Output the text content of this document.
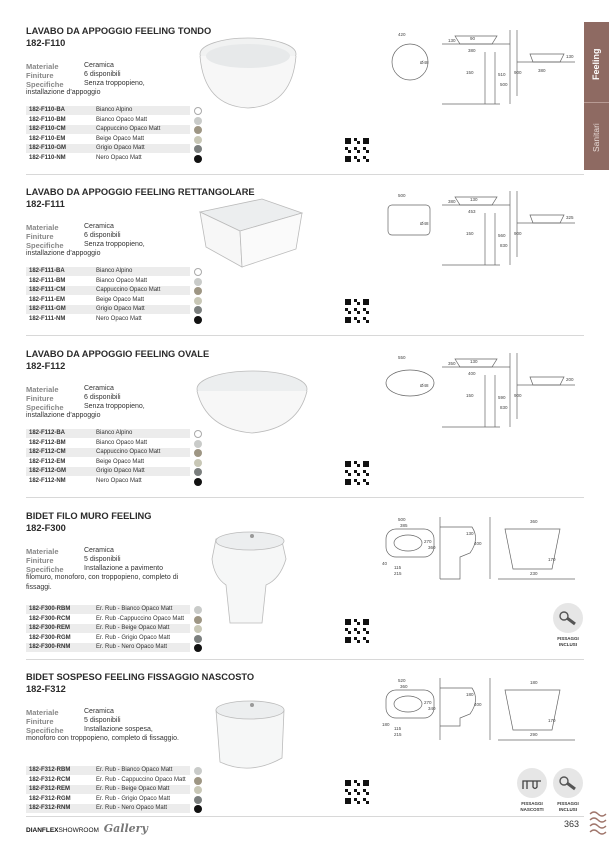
Feeling
Sanitari
LAVABO DA APPOGGIO FEELING TONDO
182-F110
Materiale	Ceramica
Finiture	6 disponibili
Specifiche	Senza troppopieno,
installazione d'appoggio
182-F110-BA	Bianco Alpino
182-F110-BM	Bianco Opaco Matt
182-F110-CM	Cappuccino Opaco Matt
182-F110-EM	Beige Opaco Matt
182-F110-GM	Grigio Opaco Matt
182-F110-NM	Nero Opaco Matt
420
Ø48
130	90
380
150	510
500
900
130
380
LAVABO DA APPOGGIO FEELING RETTANGOLARE
182-F111
Materiale	Ceramica
Finiture	6 disponibili
Specifiche	Senza troppopieno,
installazione d'appoggio
182-F111-BA	Bianco Alpino
182-F111-BM	Bianco Opaco Matt
182-F111-CM	Cappuccino Opaco Matt
182-F111-EM	Beige Opaco Matt
182-F111-GM	Grigio Opaco Matt
182-F111-NM	Nero Opaco Matt
500
Ø48
380	130
453
150	560
830
900
325
LAVABO DA APPOGGIO FEELING OVALE
182-F112
Materiale	Ceramica
Finiture	6 disponibili
Specifiche	Senza troppopieno,
installazione d'appoggio
182-F112-BA	Bianco Alpino
182-F112-BM	Bianco Opaco Matt
182-F112-CM	Cappuccino Opaco Matt
182-F112-EM	Beige Opaco Matt
182-F112-GM	Grigio Opaco Matt
182-F112-NM	Nero Opaco Matt
550
Ø48
350	130
400
150	590
830
900
200
BIDET FILO MURO FEELING
182-F300
Materiale	Ceramica
Finiture	5 disponibili
Specifiche	Installazione a pavimento
filomuro, monoforo, con troppopieno, completo di fissaggi.
182-F300-RBM	Er. Rub - Bianco Opaco Matt
182-F300-RCM	Er. Rub -Cappuccino Opaco Matt
182-F300-REM	Er. Rub - Beige Opaco Matt
182-F300-RGM	Er. Rub - Grigio Opaco Matt
182-F300-RNM	Er. Rub - Nero Opaco Matt
500
385
270
360
40
115
215
130
400
360
170
230
FISSAGGI INCLUSI
BIDET SOSPESO FEELING FISSAGGIO NASCOSTO
182-F312
Materiale	Ceramica
Finiture	5 disponibili
Specifiche	Installazione sospesa,
monoforo con troppopieno, completo di fissaggio.
182-F312-RBM	Er. Rub - Bianco Opaco Matt
182-F312-RCM	Er. Rub - Cappuccino Opaco Matt
182-F312-REM	Er. Rub - Beige Opaco Matt
182-F312-RGM	Er. Rub - Grigio Opaco Matt
182-F312-RNM	Er. Rub - Nero Opaco Matt
520
360
270
340
180
115
215
180
400
180
170
290
FISSAGGI NASCOSTI
FISSAGGI INCLUSI
DIANFLEXSHOWROOM Gallery	363
